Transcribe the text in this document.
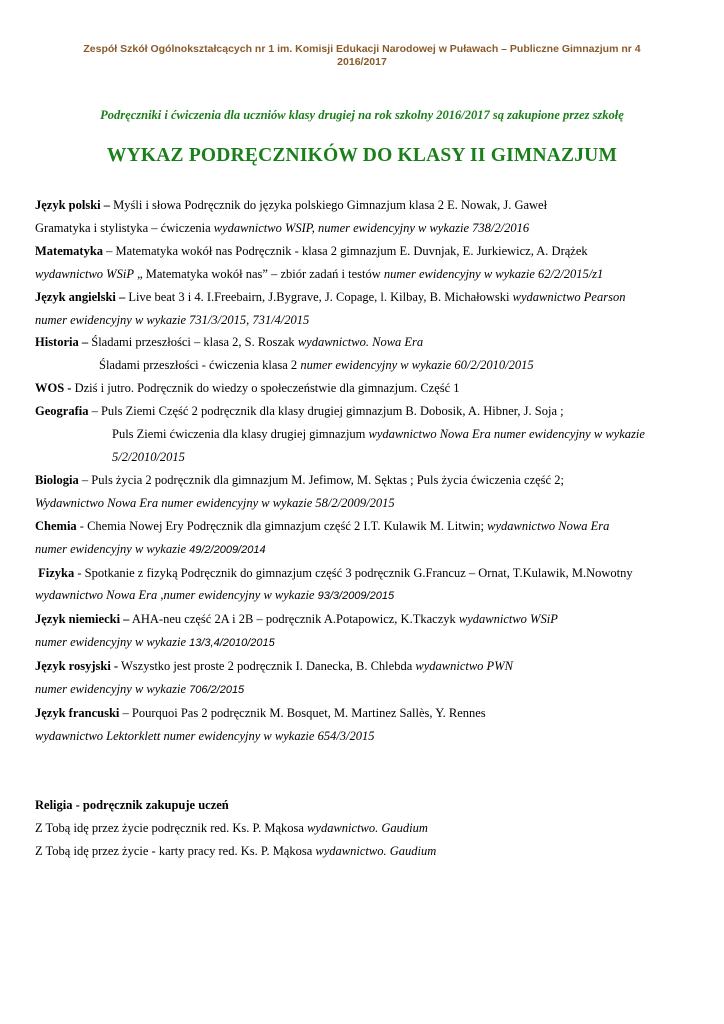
Zespół Szkół Ogólnokształcących nr 1 im. Komisji Edukacji Narodowej w Puławach – Publiczne Gimnazjum nr 4
2016/2017
Podręczniki i ćwiczenia dla uczniów klasy drugiej na rok szkolny 2016/2017 są zakupione przez szkołę
WYKAZ PODRĘCZNIKÓW DO KLASY II GIMNAZJUM
Język polski – Myśli i słowa Podręcznik do języka polskiego Gimnazjum klasa 2 E. Nowak, J. Gaweł
Gramatyka i stylistyka – ćwiczenia wydawnictwo WSIP, numer ewidencyjny w wykazie 738/2/2016
Matematyka – Matematyka wokół nas Podręcznik - klasa 2 gimnazjum E. Duvnjak, E. Jurkiewicz, A. Drążek
wydawnictwo WSiP „ Matematyka wokół nas” – zbiór zadań i testów numer ewidencyjny w wykazie 62/2/2015/z1
Język angielski – Live beat 3 i 4. I.Freebairn, J.Bygrave, J. Copage, l. Kilbay, B. Michałowski wydawnictwo Pearson
numer ewidencyjny w wykazie 731/3/2015, 731/4/2015
Historia – Śladami przeszłości – klasa 2, S. Roszak wydawnictwo. Nowa Era
Śladami przeszłości - ćwiczenia klasa 2 numer ewidencyjny w wykazie 60/2/2010/2015
WOS - Dziś i jutro. Podręcznik do wiedzy o społeczeństwie dla gimnazjum. Część 1
Geografia – Puls Ziemi Część 2 podręcznik dla klasy drugiej gimnazjum B. Dobosik, A. Hibner, J. Soja ;
Puls Ziemi ćwiczenia dla klasy drugiej gimnazjum wydawnictwo Nowa Era numer ewidencyjny w wykazie
5/2/2010/2015
Biologia – Puls życia 2 podręcznik dla gimnazjum M. Jefimow, M. Sęktas ; Puls życia ćwiczenia część 2;
Wydawnictwo Nowa Era numer ewidencyjny w wykazie 58/2/2009/2015
Chemia - Chemia Nowej Ery Podręcznik dla gimnazjum część 2 I.T. Kulawik M. Litwin; wydawnictwo Nowa Era
numer ewidencyjny w wykazie 49/2/2009/2014
Fizyka - Spotkanie z fizyką Podręcznik do gimnazjum część 3 podręcznik G.Francuz – Ornat, T.Kulawik, M.Nowotny
wydawnictwo Nowa Era ,numer ewidencyjny w wykazie 93/3/2009/2015
Język niemiecki – AHA-neu część 2A i 2B – podręcznik A.Potapowicz, K.Tkaczyk wydawnictwo WSiP
numer ewidencyjny w wykazie 13/3,4/2010/2015
Język rosyjski - Wszystko jest proste 2 podręcznik I. Danecka, B. Chlebda wydawnictwo PWN
numer ewidencyjny w wykazie 706/2/2015
Język francuski – Pourquoi Pas 2 podręcznik M. Bosquet, M. Martinez Sallès, Y. Rennes
wydawnictwo Lektorklett numer ewidencyjny w wykazie 654/3/2015
Religia - podręcznik zakupuje uczeń
Z Tobą idę przez życie podręcznik red. Ks. P. Mąkosa wydawnictwo. Gaudium
Z Tobą idę przez życie - karty pracy red. Ks. P. Mąkosa wydawnictwo. Gaudium
